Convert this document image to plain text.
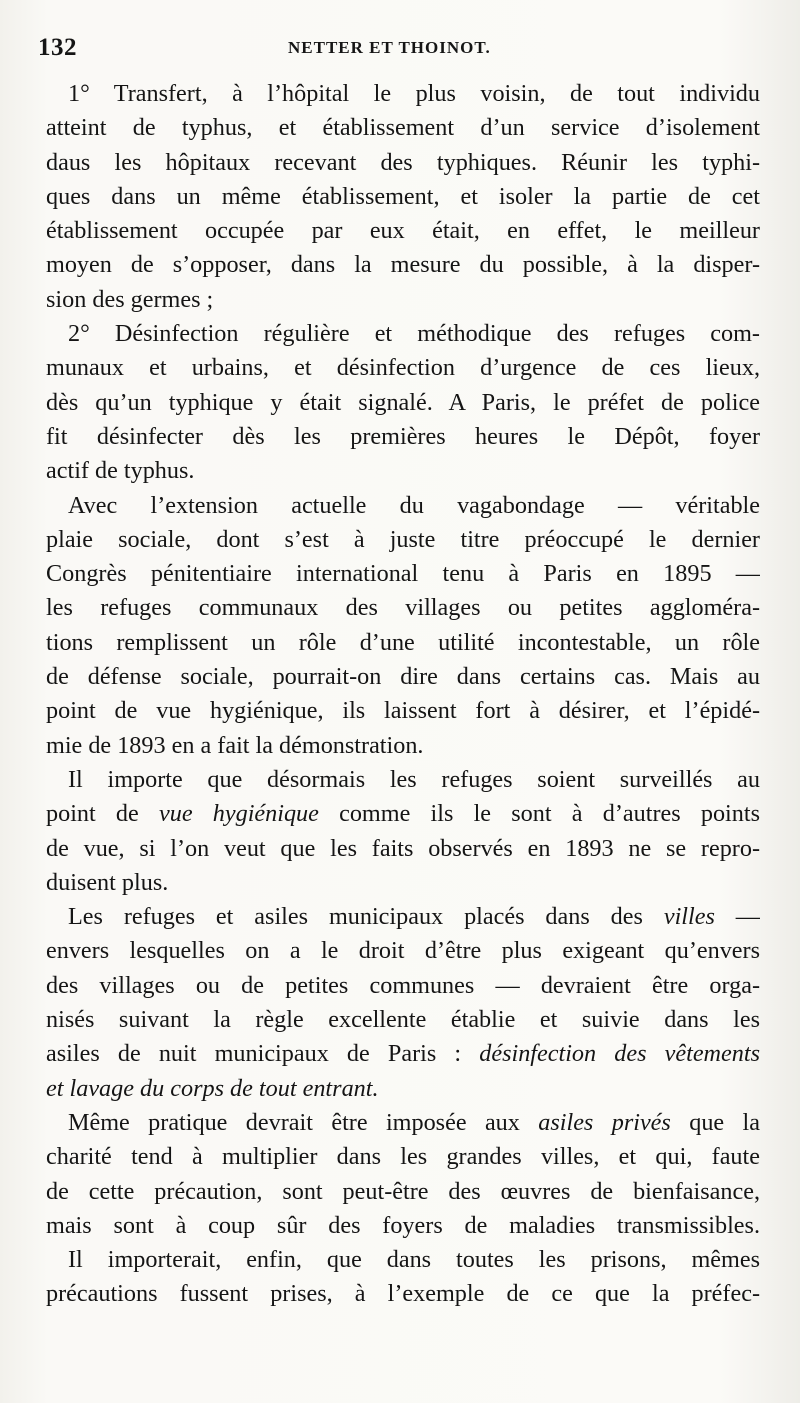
132	NETTER ET THOINOT.
1° Transfert, à l’hôpital le plus voisin, de tout individu
atteint de typhus, et établissement d’un service d’isolement
daus les hôpitaux recevant des typhiques. Réunir les typhi-
ques dans un même établissement, et isoler la partie de cet
établissement occupée par eux était, en effet, le meilleur
moyen de s’opposer, dans la mesure du possible, à la disper-
sion des germes ;
2° Désinfection régulière et méthodique des refuges com-
munaux et urbains, et désinfection d’urgence de ces lieux,
dès qu’un typhique y était signalé. A Paris, le préfet de police
fit désinfecter dès les premières heures le Dépôt, foyer
actif de typhus.
Avec l’extension actuelle du vagabondage — véritable
plaie sociale, dont s’est à juste titre préoccupé le dernier
Congrès pénitentiaire international tenu à Paris en 1895 —
les refuges communaux des villages ou petites aggloméra-
tions remplissent un rôle d’une utilité incontestable, un rôle
de défense sociale, pourrait-on dire dans certains cas. Mais au
point de vue hygiénique, ils laissent fort à désirer, et l’épidé-
mie de 1893 en a fait la démonstration.
Il importe que désormais les refuges soient surveillés au
point de vue hygiénique comme ils le sont à d’autres points
de vue, si l’on veut que les faits observés en 1893 ne se repro-
duisent plus.
Les refuges et asiles municipaux placés dans des villes —
envers lesquelles on a le droit d’être plus exigeant qu’envers
des villages ou de petites communes — devraient être orga-
nisés suivant la règle excellente établie et suivie dans les
asiles de nuit municipaux de Paris : désinfection des vêtements
et lavage du corps de tout entrant.
Même pratique devrait être imposée aux asiles privés que la
charité tend à multiplier dans les grandes villes, et qui, faute
de cette précaution, sont peut-être des œuvres de bienfaisance,
mais sont à coup sûr des foyers de maladies transmissibles.
Il importerait, enfin, que dans toutes les prisons, mêmes
précautions fussent prises, à l’exemple de ce que la préfec-
